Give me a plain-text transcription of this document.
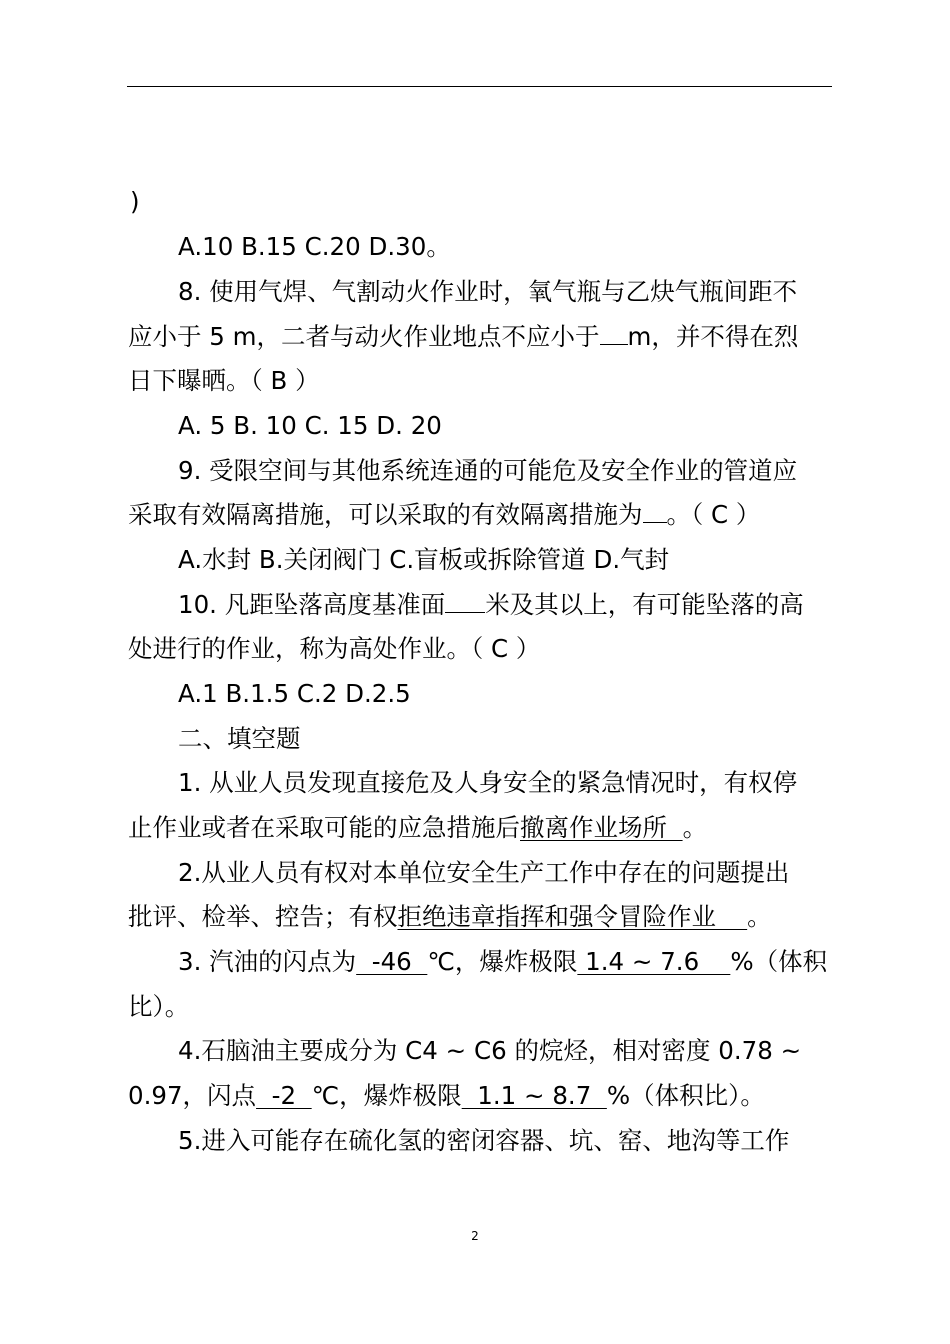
)
A.10 B.15 C.20 D.30。
8. 使用气焊、气割动火作业时，氧气瓶与乙炔气瓶间距不
应小于 5 m，二者与动火作业地点不应小于 m，并不得在烈
日下曝晒。（ B ）
A. 5 B. 10 C. 15 D. 20
9. 受限空间与其他系统连通的可能危及安全作业的管道应
采取有效隔离措施，可以采取的有效隔离措施为 。（ C ）
A.水封 B.关闭阀门 C.盲板或拆除管道 D.气封
10. 凡距坠落高度基准面 米及其以上，有可能坠落的高
处进行的作业，称为高处作业。（ C ）
A.1 B.1.5 C.2 D.2.5
二、填空题
1. 从业人员发现直接危及人身安全的紧急情况时，有权停
止作业或者在采取可能的应急措施后撤离作业场所  。
2.从业人员有权对本单位安全生产工作中存在的问题提出
批评、检举、控告；有权拒绝违章指挥和强令冒险作业    。
3. 汽油的闪点为  -46  ℃，爆炸极限 1.4 ~ 7.6    %（体积
比）。
4.石脑油主要成分为 C4 ~ C6 的烷烃，相对密度 0.78 ~
0.97，闪点  -2  ℃，爆炸极限  1.1 ~ 8.7  %（体积比）。
5.进入可能存在硫化氢的密闭容器、坑、窑、地沟等工作
2
